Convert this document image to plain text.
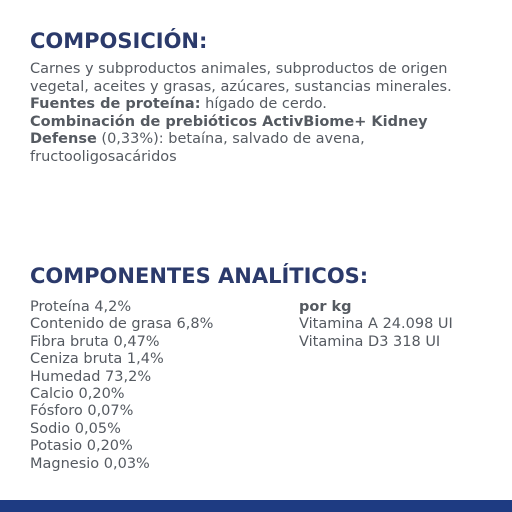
COMPOSICIÓN:

Carnes y subproductos animales, subproductos de origen vegetal, aceites y grasas, azúcares, sustancias minerales.

Fuentes de proteína: hígado de cerdo.

Combinación de prebióticos ActivBiome+ Kidney Defense (0,33%): betaína, salvado de avena, fructooligosacáridos

COMPONENTES ANALÍTICOS:
Proteína 4,2%
Contenido de grasa 6,8%
Fibra bruta 0,47%
Ceniza bruta 1,4%
Humedad 73,2%
Calcio 0,20%
Fósforo 0,07%
Sodio 0,05%
Potasio 0,20%
Magnesio 0,03%
por kg
Vitamina A 24.098 UI
Vitamina D3 318 UI
